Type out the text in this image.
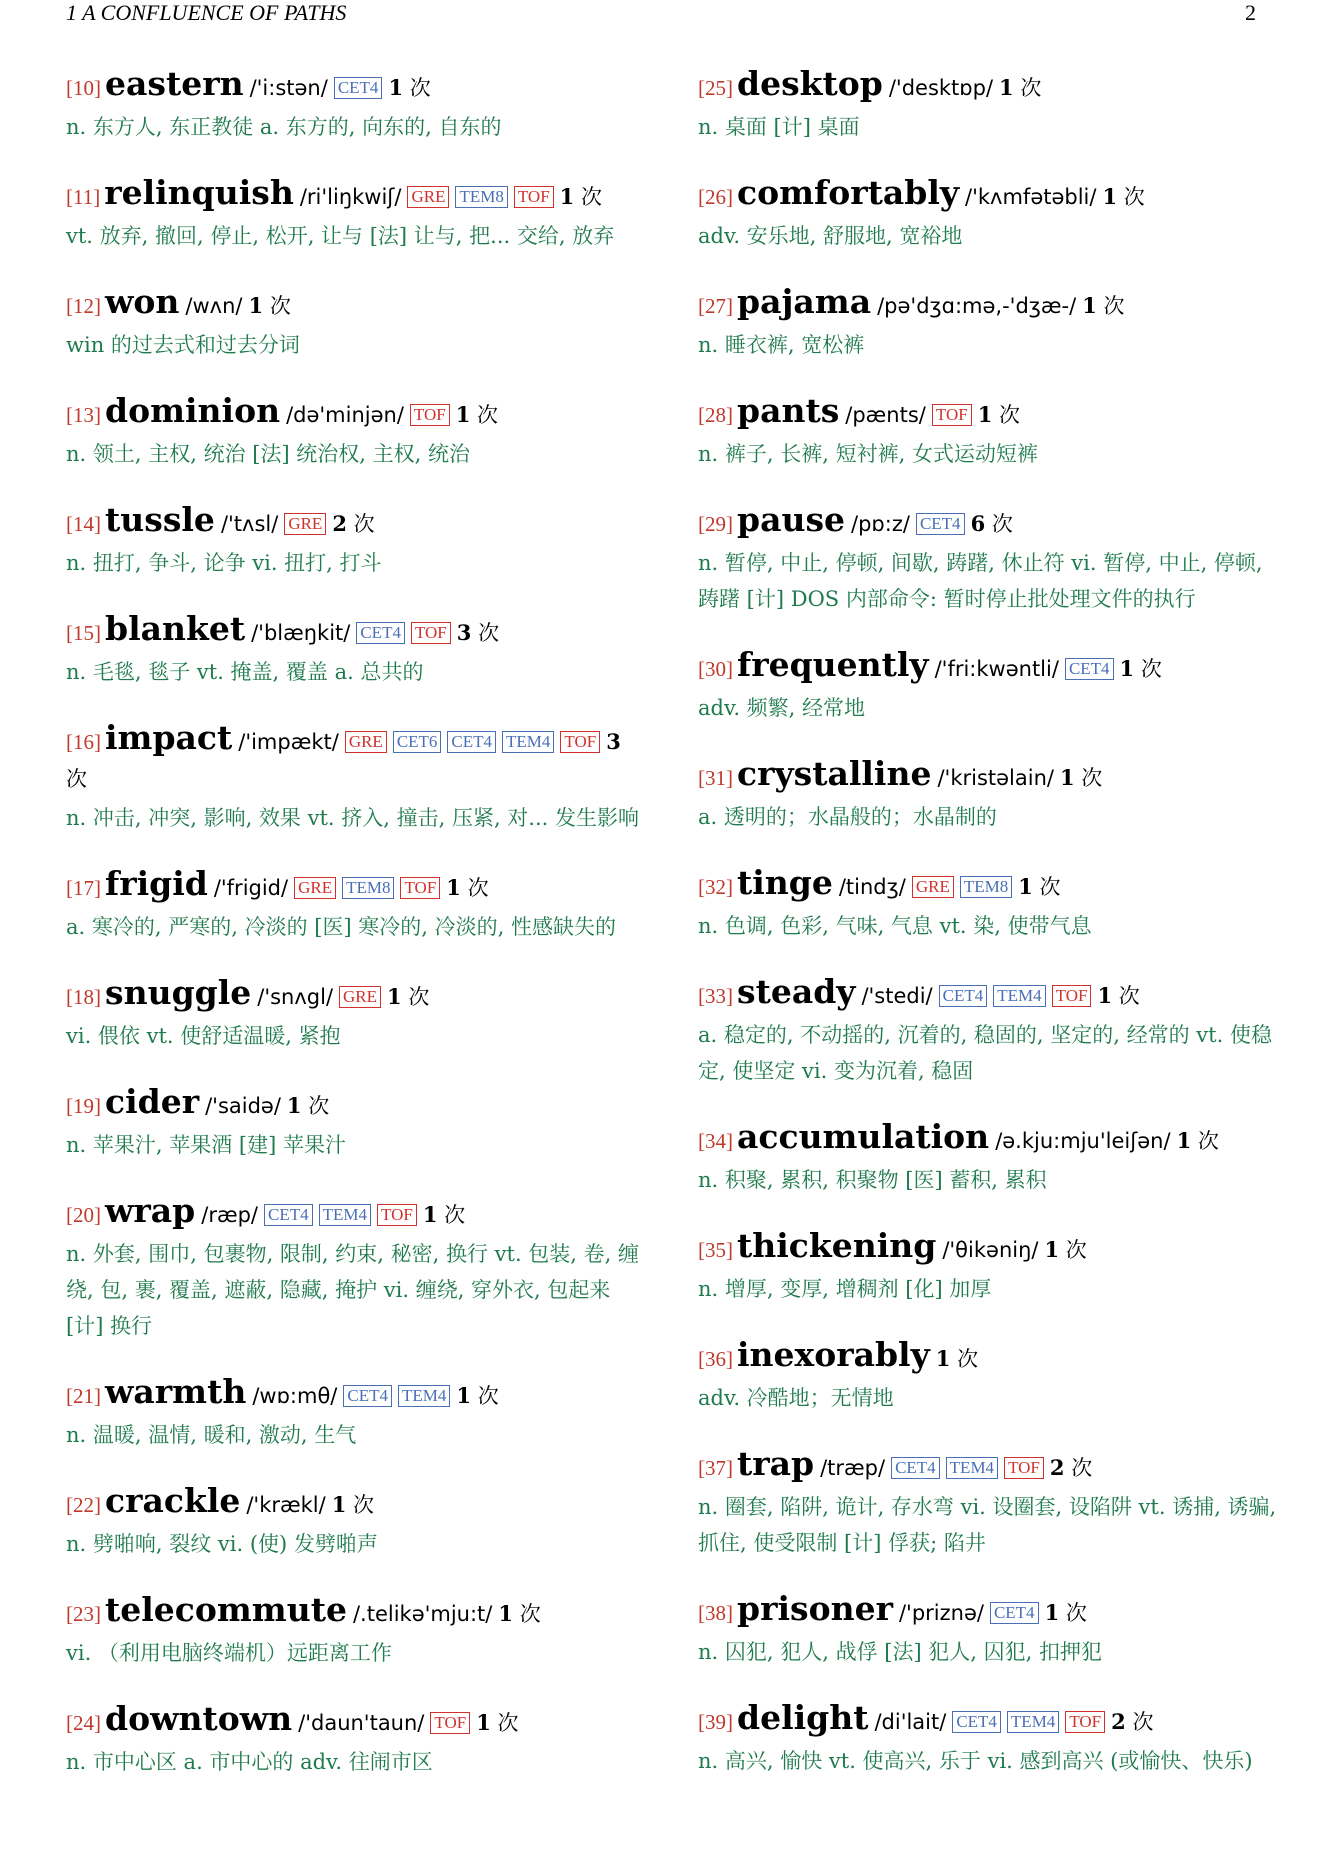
1 A CONFLUENCE OF PATHS	2
[10] eastern /'i:stən/ CET4 1 次
n. 东方人, 东正教徒 a. 东方的, 向东的, 自东的
[11] relinquish /ri'liŋkwiʃ/ GRE TEM8 TOF 1 次
vt. 放弃, 撤回, 停止, 松开, 让与 [法] 让与, 把... 交给, 放弃
[12] won /wʌn/ 1 次
win 的过去式和过去分词
[13] dominion /də'minjən/ TOF 1 次
n. 领土, 主权, 统治 [法] 统治权, 主权, 统治
[14] tussle /'tʌsl/ GRE 2 次
n. 扭打, 争斗, 论争 vi. 扭打, 打斗
[15] blanket /'blæŋkit/ CET4 TOF 3 次
n. 毛毯, 毯子 vt. 掩盖, 覆盖 a. 总共的
[16] impact /'impækt/ GRE CET6 CET4 TEM4 TOF 3 次
n. 冲击, 冲突, 影响, 效果 vt. 挤入, 撞击, 压紧, 对... 发生影响
[17] frigid /'frigid/ GRE TEM8 TOF 1 次
a. 寒冷的, 严寒的, 冷淡的 [医] 寒冷的, 冷淡的, 性感缺失的
[18] snuggle /'snʌgl/ GRE 1 次
vi. 偎依 vt. 使舒适温暖, 紧抱
[19] cider /'saidə/ 1 次
n. 苹果汁, 苹果酒 [建] 苹果汁
[20] wrap /ræp/ CET4 TEM4 TOF 1 次
n. 外套, 围巾, 包裹物, 限制, 约束, 秘密, 换行 vt. 包装, 卷, 缠绕, 包, 裹, 覆盖, 遮蔽, 隐藏, 掩护 vi. 缠绕, 穿外衣, 包起来 [计] 换行
[21] warmth /wɒ:mθ/ CET4 TEM4 1 次
n. 温暖, 温情, 暖和, 激动, 生气
[22] crackle /'krækl/ 1 次
n. 劈啪响, 裂纹 vi. (使) 发劈啪声
[23] telecommute /.telikə'mju:t/ 1 次
vi. （利用电脑终端机）远距离工作
[24] downtown /'daun'taun/ TOF 1 次
n. 市中心区 a. 市中心的 adv. 往闹市区
[25] desktop /'desktɒp/ 1 次
n. 桌面 [计] 桌面
[26] comfortably /'kʌmfətəbli/ 1 次
adv. 安乐地, 舒服地, 宽裕地
[27] pajama /pə'dʒɑ:mə,-'dʒæ-/ 1 次
n. 睡衣裤, 宽松裤
[28] pants /pænts/ TOF 1 次
n. 裤子, 长裤, 短衬裤, 女式运动短裤
[29] pause /pɒ:z/ CET4 6 次
n. 暂停, 中止, 停顿, 间歇, 踌躇, 休止符 vi. 暂停, 中止, 停顿, 踌躇 [计] DOS 内部命令: 暂时停止批处理文件的执行
[30] frequently /'fri:kwəntli/ CET4 1 次
adv. 频繁, 经常地
[31] crystalline /'kristəlain/ 1 次
a. 透明的；水晶般的；水晶制的
[32] tinge /tindʒ/ GRE TEM8 1 次
n. 色调, 色彩, 气味, 气息 vt. 染, 使带气息
[33] steady /'stedi/ CET4 TEM4 TOF 1 次
a. 稳定的, 不动摇的, 沉着的, 稳固的, 坚定的, 经常的 vt. 使稳定, 使坚定 vi. 变为沉着, 稳固
[34] accumulation /ə.kju:mju'leiʃən/ 1 次
n. 积聚, 累积, 积聚物 [医] 蓄积, 累积
[35] thickening /'θikəniŋ/ 1 次
n. 增厚, 变厚, 增稠剂 [化] 加厚
[36] inexorably 1 次
adv. 冷酷地；无情地
[37] trap /træp/ CET4 TEM4 TOF 2 次
n. 圈套, 陷阱, 诡计, 存水弯 vi. 设圈套, 设陷阱 vt. 诱捕, 诱骗, 抓住, 使受限制 [计] 俘获; 陷井
[38] prisoner /'priznə/ CET4 1 次
n. 囚犯, 犯人, 战俘 [法] 犯人, 囚犯, 扣押犯
[39] delight /di'lait/ CET4 TEM4 TOF 2 次
n. 高兴, 愉快 vt. 使高兴, 乐于 vi. 感到高兴 (或愉快、快乐)
